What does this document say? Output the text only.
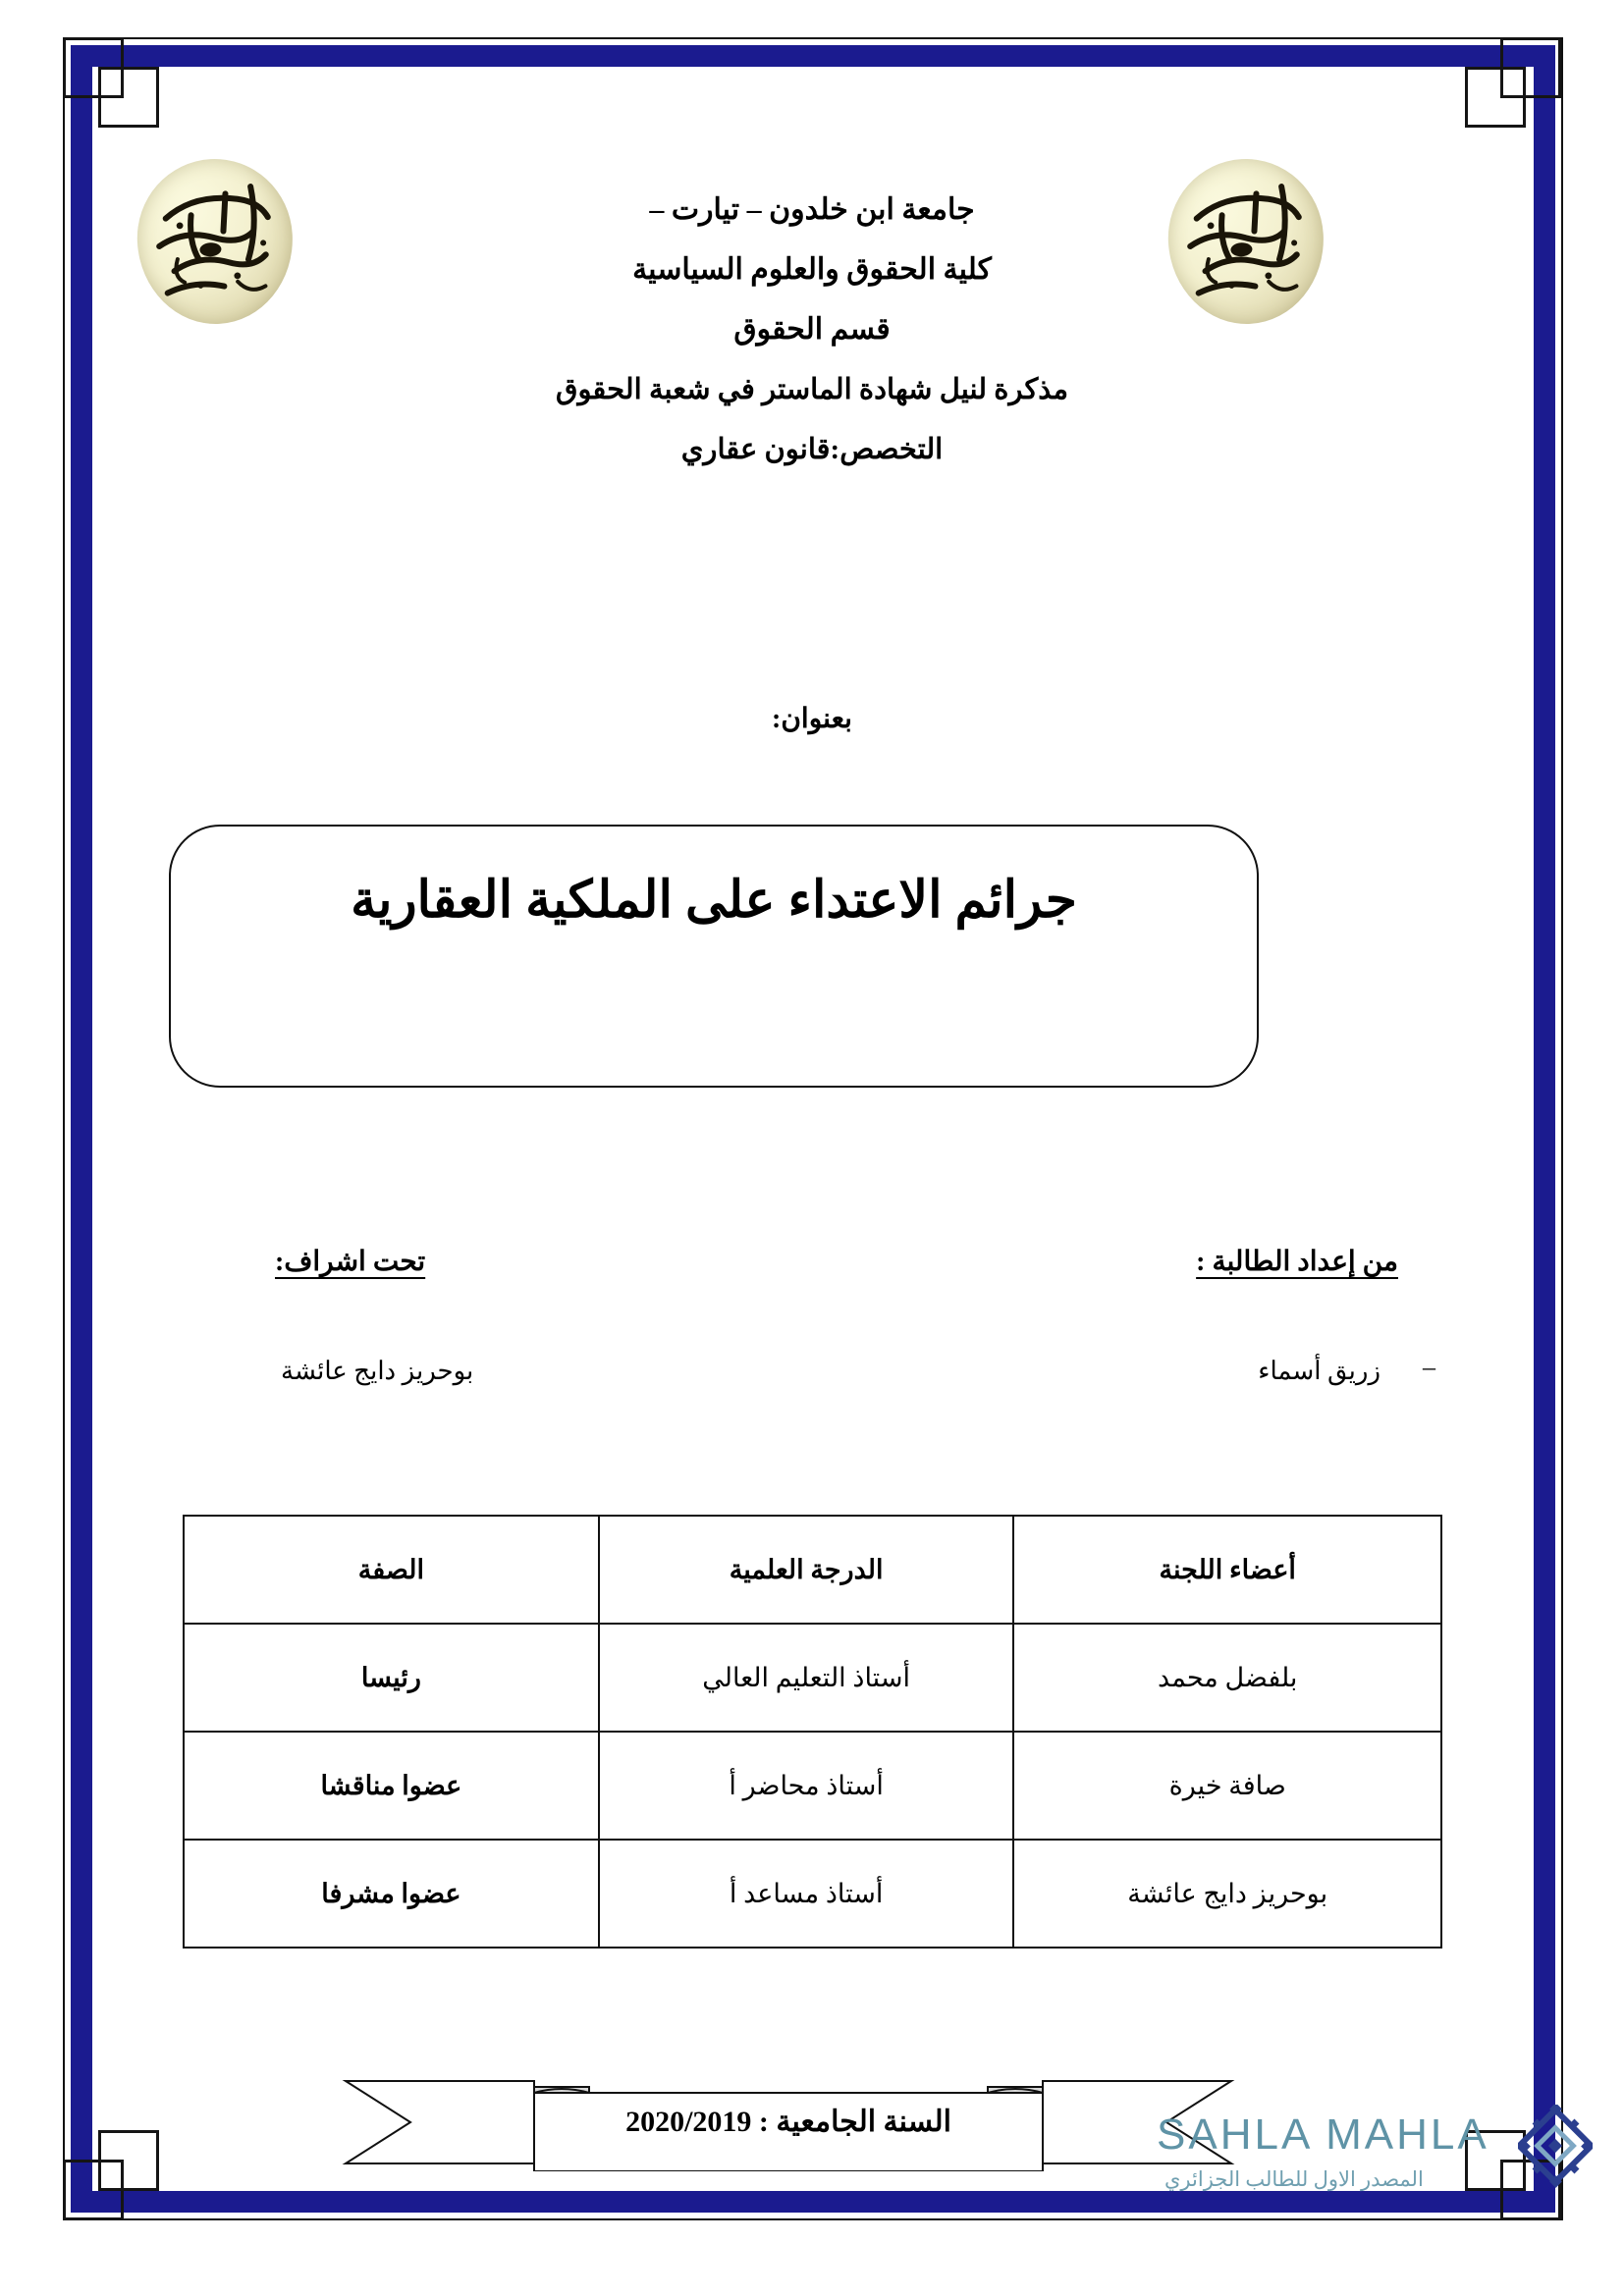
جامعة ابن خلدون – تيارت –
كلية الحقوق والعلوم السياسية
قسم الحقوق
مذكرة لنيل شهادة الماستر في شعبة الحقوق
التخصص:قانون عقاري
بعنوان:
جرائم الاعتداء على الملكية العقارية
من إعداد الطالبة :
–
زريق أسماء
تحت اشراف:
بوحريز دايج عائشة
أعضاء اللجنة	الدرجة العلمية	الصفة
بلفضل محمد	أستاذ التعليم العالي	رئيسا
صافة خيرة	أستاذ محاضر أ	عضوا مناقشا
بوحريز دايج عائشة	أستاذ مساعد أ	عضوا مشرفا
السنة الجامعية : 2020/2019	SAHLA MAHLA
المصدر الاول للطالب الجزائري
